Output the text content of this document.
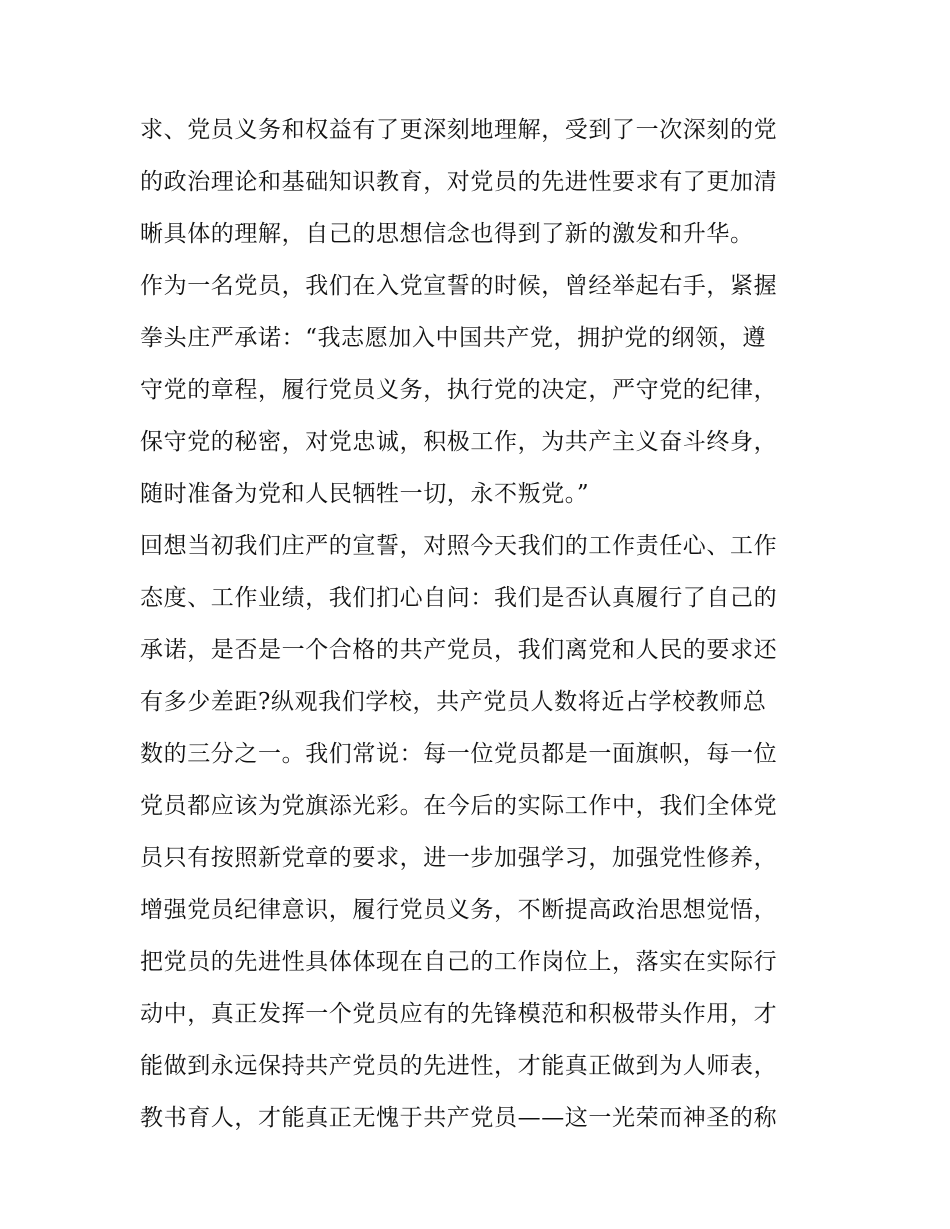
求、党员义务和权益有了更深刻地理解，受到了一次深刻的党
的政治理论和基础知识教育，对党员的先进性要求有了更加清
晰具体的理解，自己的思想信念也得到了新的激发和升华。
作为一名党员，我们在入党宣誓的时候，曾经举起右手，紧握
拳头庄严承诺：“我志愿加入中国共产党，拥护党的纲领，遵
守党的章程，履行党员义务，执行党的决定，严守党的纪律，
保守党的秘密，对党忠诚，积极工作，为共产主义奋斗终身，
随时准备为党和人民牺牲一切，永不叛党。”
回想当初我们庄严的宣誓，对照今天我们的工作责任心、工作
态度、工作业绩，我们扪心自问：我们是否认真履行了自己的
承诺，是否是一个合格的共产党员，我们离党和人民的要求还
有多少差距?纵观我们学校，共产党员人数将近占学校教师总
数的三分之一。我们常说：每一位党员都是一面旗帜，每一位
党员都应该为党旗添光彩。在今后的实际工作中，我们全体党
员只有按照新党章的要求，进一步加强学习，加强党性修养，
增强党员纪律意识，履行党员义务，不断提高政治思想觉悟，
把党员的先进性具体体现在自己的工作岗位上，落实在实际行
动中，真正发挥一个党员应有的先锋模范和积极带头作用，才
能做到永远保持共产党员的先进性，才能真正做到为人师表，
教书育人，才能真正无愧于共产党员——这一光荣而神圣的称
